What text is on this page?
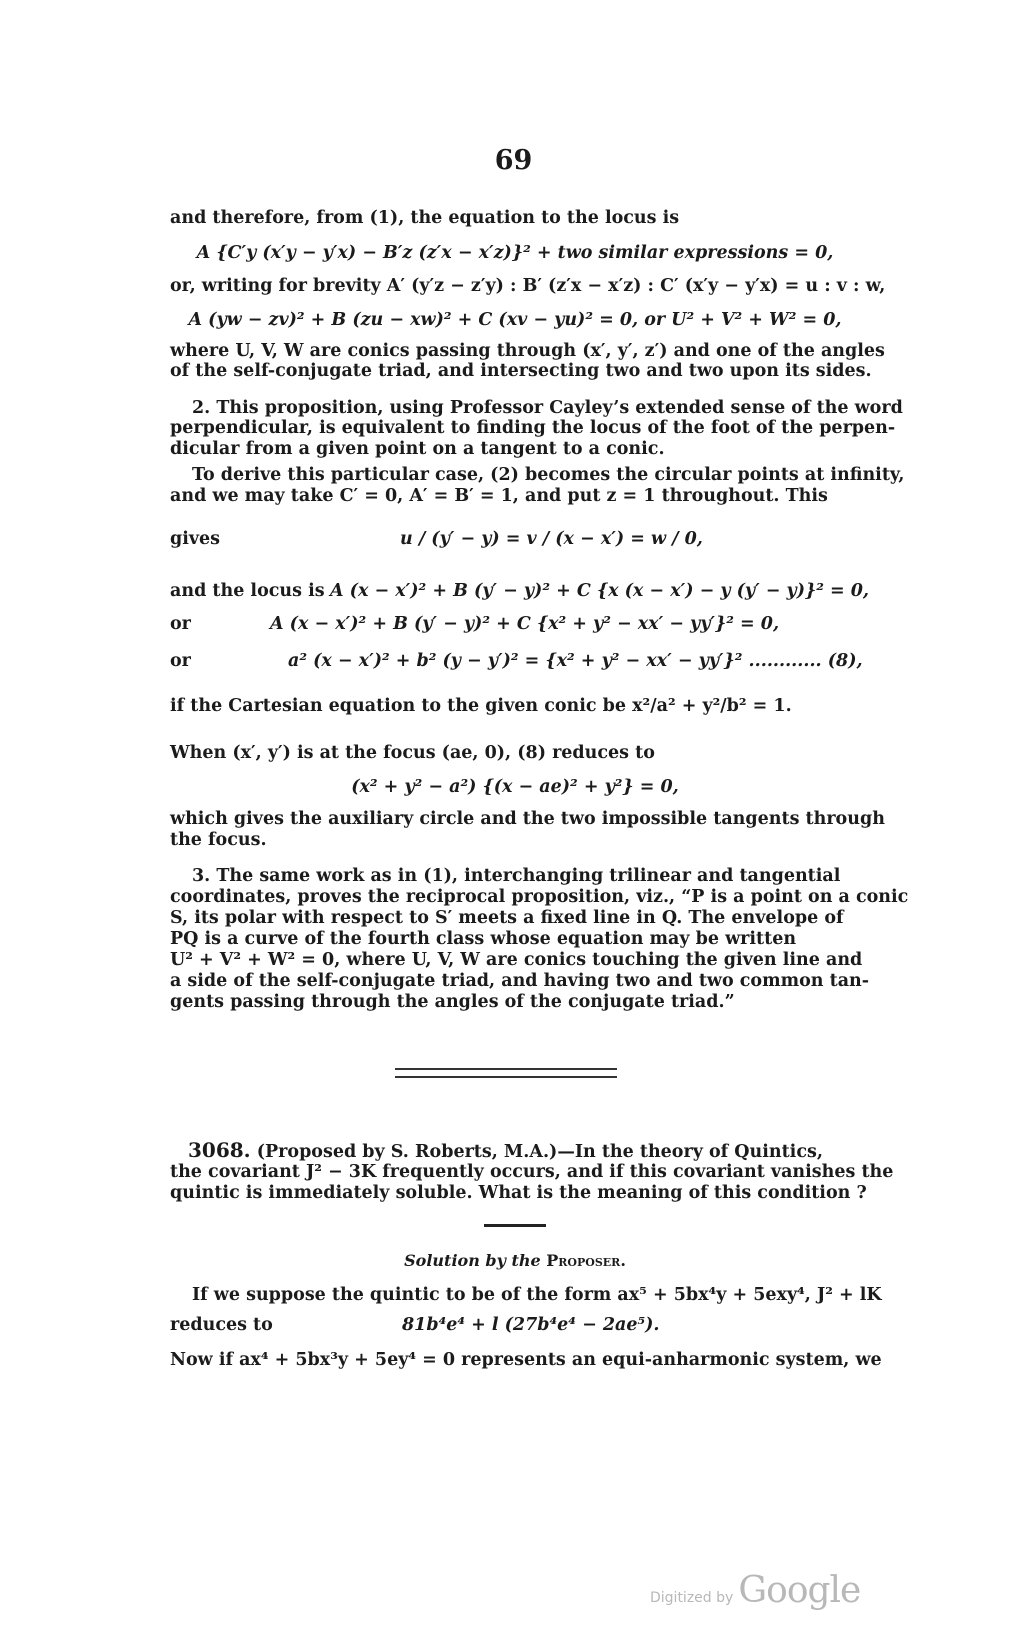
69
and therefore, from (1), the equation to the locus is
A {C′y (x′y − y′x) − B′z (z′x − x′z)}² + two similar expressions = 0,
or, writing for brevity A′ (y′z − z′y) : B′ (z′x − x′z) : C′ (x′y − y′x) = u : v : w,
A (yw − zv)² + B (zu − xw)² + C (xv − yu)² = 0, or U² + V² + W² = 0,
where U, V, W are conics passing through (x′, y′, z′) and one of the angles
of the self-conjugate triad, and intersecting two and two upon its sides.
2. This proposition, using Professor Cayley’s extended sense of the word
perpendicular, is equivalent to finding the locus of the foot of the perpen-
dicular from a given point on a tangent to a conic.
To derive this particular case, (2) becomes the circular points at infinity,
and we may take C′ = 0, A′ = B′ = 1, and put z = 1 throughout. This
gives	u / (y′ − y) = v / (x − x′) = w / 0,
and the locus is A (x − x′)² + B (y′ − y)² + C {x (x − x′) − y (y′ − y)}² = 0,
or	A (x − x′)² + B (y′ − y)² + C {x² + y² − xx′ − yy′}² = 0,
or	a² (x − x′)² + b² (y − y′)² = {x² + y² − xx′ − yy′}² ............ (8),
if the Cartesian equation to the given conic be x²/a² + y²/b² = 1.
When (x′, y′) is at the focus (ae, 0), (8) reduces to
(x² + y² − a²) {(x − ae)² + y²} = 0,
which gives the auxiliary circle and the two impossible tangents through
the focus.
3. The same work as in (1), interchanging trilinear and tangential
coordinates, proves the reciprocal proposition, viz., “P is a point on a conic
S, its polar with respect to S′ meets a fixed line in Q. The envelope of
PQ is a curve of the fourth class whose equation may be written
U² + V² + W² = 0, where U, V, W are conics touching the given line and
a side of the self-conjugate triad, and having two and two common tan-
gents passing through the angles of the conjugate triad.”
3068. (Proposed by S. Roberts, M.A.)—In the theory of Quintics,
the covariant J² − 3K frequently occurs, and if this covariant vanishes the
quintic is immediately soluble. What is the meaning of this condition ?
Solution by the Proposer.
If we suppose the quintic to be of the form ax⁵ + 5bx⁴y + 5exy⁴, J² + lK
reduces to	81b⁴e⁴ + l (27b⁴e⁴ − 2ae⁵).
Now if ax⁴ + 5bx³y + 5ey⁴ = 0 represents an equi-anharmonic system, we
Digitized by Google
